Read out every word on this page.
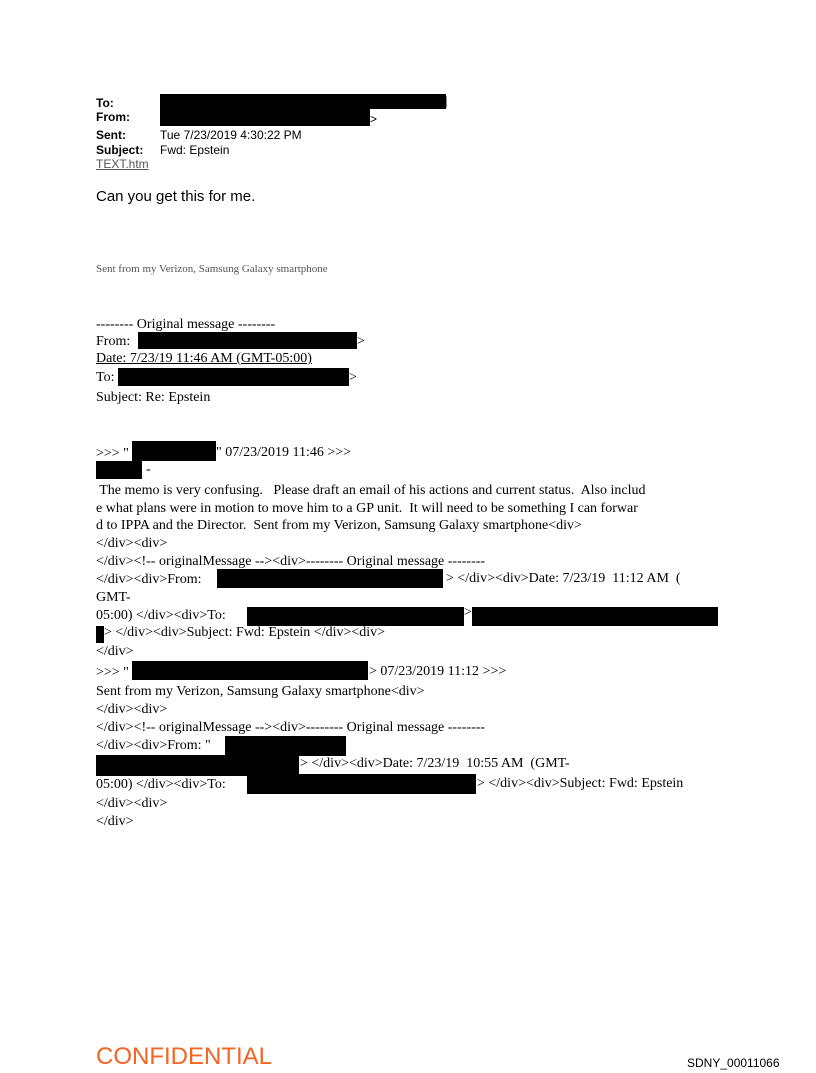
To:	]
From:	>
Sent:	Tue 7/23/2019 4:30:22 PM
Subject: Fwd: Epstein
TEXT.htm
Can you get this for me.
Sent from my Verizon, Samsung Galaxy smartphone
-------- Original message --------
From:	>
Date: 7/23/19 11:46 AM (GMT-05:00)
To:	>
Subject: Re: Epstein
>>> "	" 07/23/2019 11:46 >>>
-
The memo is very confusing.   Please draft an email of his actions and current status.  Also includ
e what plans were in motion to move him to a GP unit.  It will need to be something I can forwar
d to IPPA and the Director.  Sent from my Verizon, Samsung Galaxy smartphone<div>
</div><div>
</div><!-- originalMessage --><div>-------- Original message --------
</div><div>From:	> </div><div>Date: 7/23/19  11:12 AM  (
GMT-
05:00) </div><div>To:	>
> </div><div>Subject: Fwd: Epstein </div><div>
</div>
>>> "	> 07/23/2019 11:12 >>>
Sent from my Verizon, Samsung Galaxy smartphone<div>
</div><div>
</div><!-- originalMessage --><div>-------- Original message --------
</div><div>From: "
> </div><div>Date: 7/23/19  10:55 AM  (GMT-
05:00) </div><div>To:	> </div><div>Subject: Fwd: Epstein
</div><div>
</div>
CONFIDENTIAL	SDNY_00011066
